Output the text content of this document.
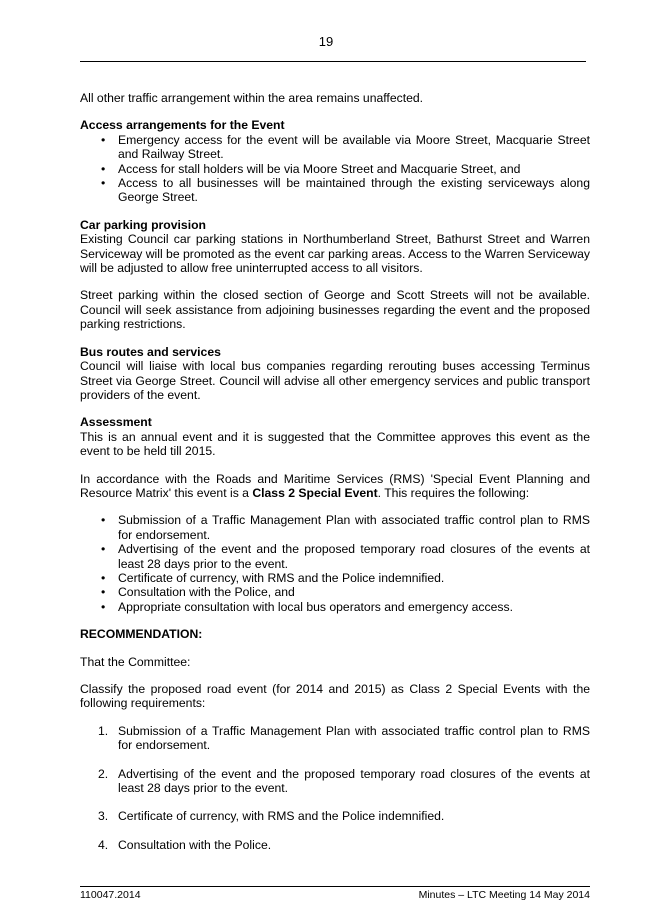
19

All other traffic arrangement within the area remains unaffected.

Access arrangements for the Event
• Emergency access for the event will be available via Moore Street, Macquarie Street and Railway Street.
• Access for stall holders will be via Moore Street and Macquarie Street, and
• Access to all businesses will be maintained through the existing serviceways along George Street.
Car parking provision

Existing Council car parking stations in Northumberland Street, Bathurst Street and Warren Serviceway will be promoted as the event car parking areas. Access to the Warren Serviceway will be adjusted to allow free uninterrupted access to all visitors.

Street parking within the closed section of George and Scott Streets will not be available. Council will seek assistance from adjoining businesses regarding the event and the proposed parking restrictions.

Bus routes and services

Council will liaise with local bus companies regarding rerouting buses accessing Terminus Street via George Street. Council will advise all other emergency services and public transport providers of the event.

Assessment

This is an annual event and it is suggested that the Committee approves this event as the event to be held till 2015.

In accordance with the Roads and Maritime Services (RMS) 'Special Event Planning and Resource Matrix' this event is a Class 2 Special Event. This requires the following:

• Submission of a Traffic Management Plan with associated traffic control plan to RMS for endorsement.
• Advertising of the event and the proposed temporary road closures of the events at least 28 days prior to the event.
• Certificate of currency, with RMS and the Police indemnified.
• Consultation with the Police, and
• Appropriate consultation with local bus operators and emergency access.
RECOMMENDATION:

That the Committee:

Classify the proposed road event (for 2014 and 2015) as Class 2 Special Events with the following requirements:

1. Submission of a Traffic Management Plan with associated traffic control plan to RMS for endorsement.
2. Advertising of the event and the proposed temporary road closures of the events at least 28 days prior to the event.
3. Certificate of currency, with RMS and the Police indemnified.
4. Consultation with the Police.
110047.2014	Minutes – LTC Meeting 14 May 2014
